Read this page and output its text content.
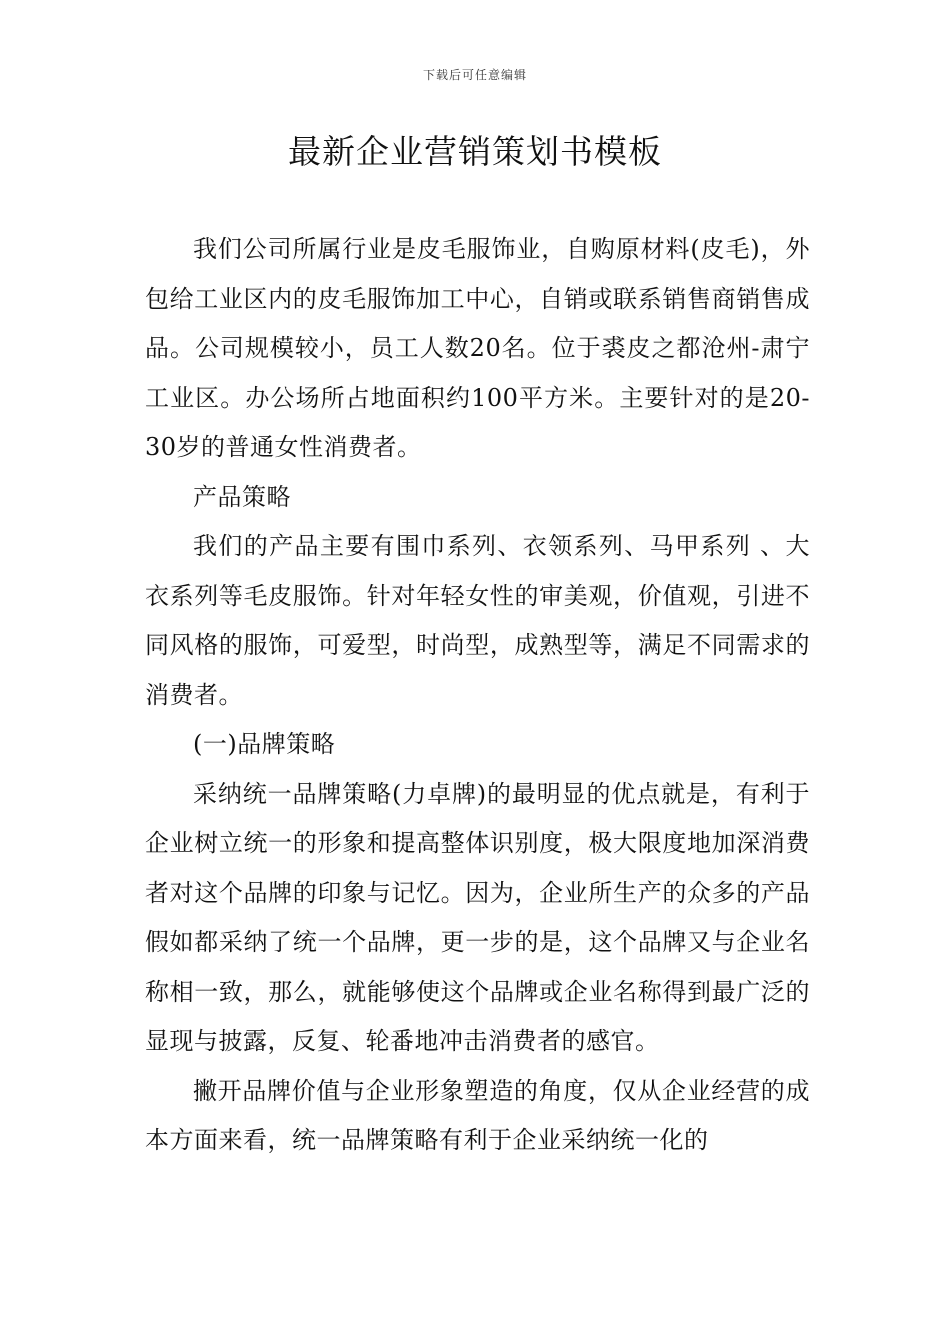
下载后可任意编辑
最新企业营销策划书模板

我们公司所属行业是皮毛服饰业，自购原材料(皮毛)，外包给工业区内的皮毛服饰加工中心，自销或联系销售商销售成品。公司规模较小，员工人数20名。位于裘皮之都沧州-肃宁工业区。办公场所占地面积约100平方米。主要针对的是20-30岁的普通女性消费者。

产品策略

我们的产品主要有围巾系列、衣领系列、马甲系列 、大衣系列等毛皮服饰。针对年轻女性的审美观，价值观，引进不同风格的服饰，可爱型，时尚型，成熟型等，满足不同需求的消费者。

(一)品牌策略

采纳统一品牌策略(力卓牌)的最明显的优点就是，有利于企业树立统一的形象和提高整体识别度，极大限度地加深消费者对这个品牌的印象与记忆。因为，企业所生产的众多的产品假如都采纳了统一个品牌，更一步的是，这个品牌又与企业名称相一致，那么，就能够使这个品牌或企业名称得到最广泛的显现与披露，反复、轮番地冲击消费者的感官。

撇开品牌价值与企业形象塑造的角度，仅从企业经营的成本方面来看，统一品牌策略有利于企业采纳统一化的
